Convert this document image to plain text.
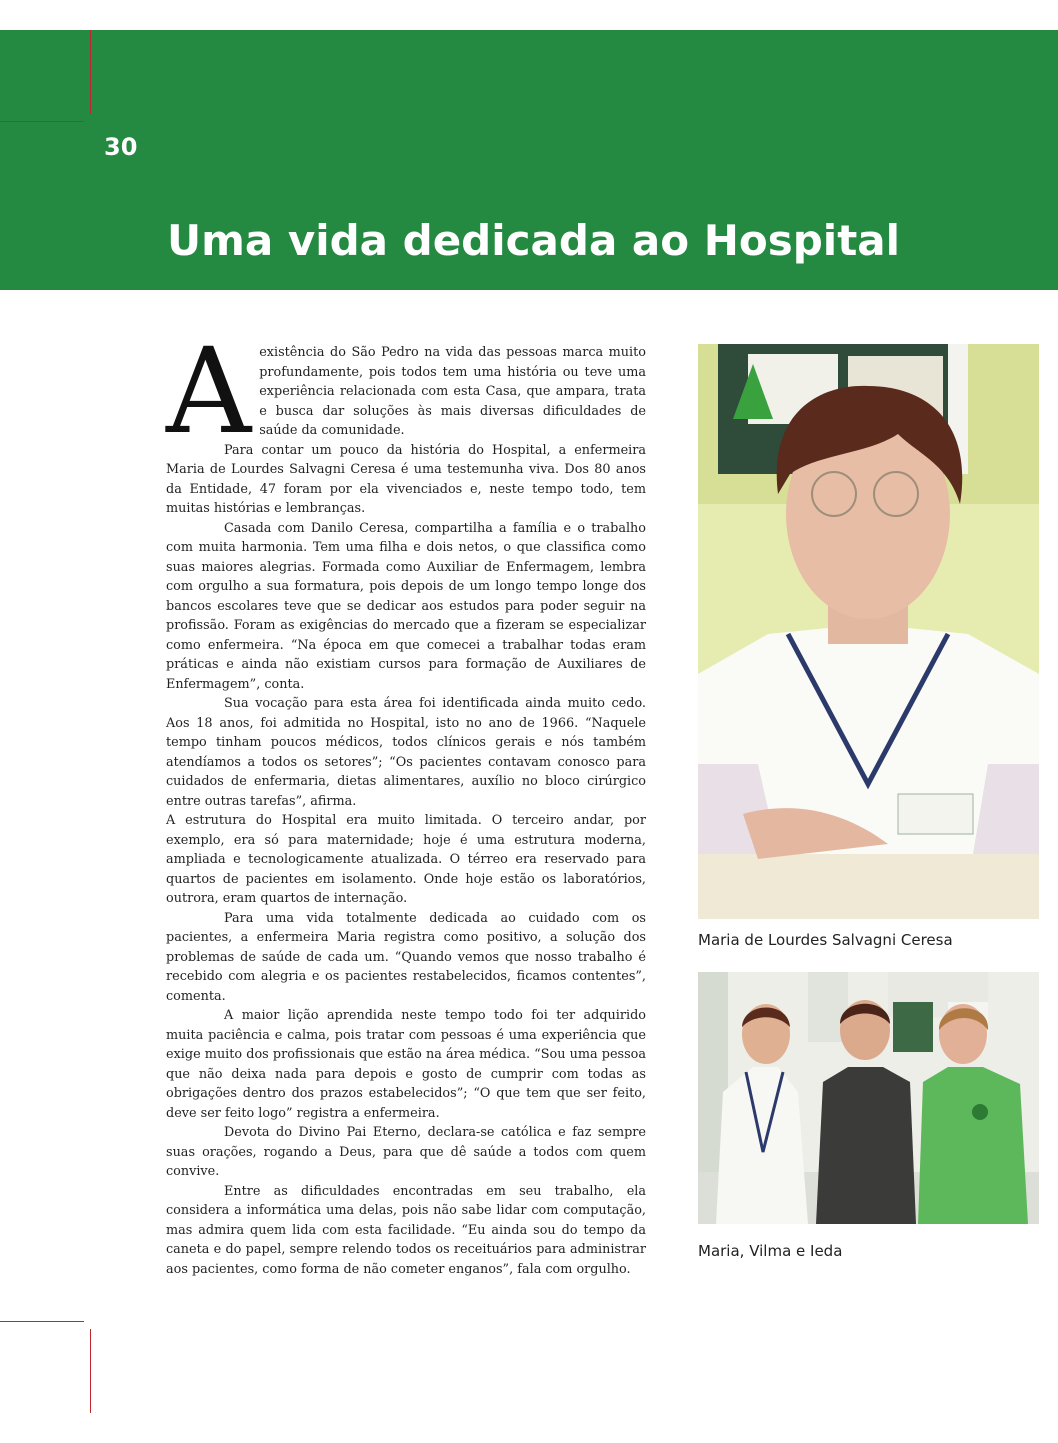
30
Uma vida dedicada ao Hospital

Aexistência do São Pedro na vida das pessoas marca muito profundamente, pois todos tem uma história ou teve uma experiência relacionada com esta Casa, que ampara, trata e busca dar soluções às mais diversas dificuldades de saúde da comunidade.

Para contar um pouco da história do Hospital, a enfermeira Maria de Lourdes Salvagni Ceresa é uma testemunha viva. Dos 80 anos da Entidade, 47 foram por ela vivenciados e, neste tempo todo, tem muitas histórias e lembranças.

Casada com Danilo Ceresa, compartilha a família e o trabalho com muita harmonia. Tem uma filha e dois netos, o que classifica como suas maiores alegrias. Formada como Auxiliar de Enfermagem, lembra com orgulho a sua formatura, pois depois de um longo tempo longe dos bancos escolares teve que se dedicar aos estudos para poder seguir na profissão. Foram as exigências do mercado que a fizeram se especializar como enfermeira. “Na época em que comecei a trabalhar todas eram práticas e ainda não existiam cursos para formação de Auxiliares de Enfermagem”, conta.

Sua vocação para esta área foi identificada ainda muito cedo. Aos 18 anos, foi admitida no Hospital, isto no ano de 1966. “Naquele tempo tinham poucos médicos, todos clínicos gerais e nós também atendíamos a todos os setores”; “Os pacientes contavam conosco para cuidados de enfermaria, dietas alimentares, auxílio no bloco cirúrgico entre outras tarefas”, afirma.

A estrutura do Hospital era muito limitada. O terceiro andar, por exemplo, era só para maternidade; hoje é uma estrutura moderna, ampliada e tecnologicamente atualizada. O térreo era reservado para quartos de pacientes em isolamento. Onde hoje estão os laboratórios, outrora, eram quartos de internação.

Para uma vida totalmente dedicada ao cuidado com os pacientes, a enfermeira Maria registra como positivo, a solução dos problemas de saúde de cada um. “Quando vemos que nosso trabalho é recebido com alegria e os pacientes restabelecidos, ficamos contentes”, comenta.

A maior lição aprendida neste tempo todo foi ter adquirido muita paciência e calma, pois tratar com pessoas é uma experiência que exige muito dos profissionais que estão na área médica. “Sou uma pessoa que não deixa nada para depois e gosto de cumprir com todas as obrigações dentro dos prazos estabelecidos”; “O que tem que ser feito, deve ser feito logo” registra a enfermeira.

Devota do Divino Pai Eterno, declara-se católica e faz sempre suas orações, rogando a Deus, para que dê saúde a todos com quem convive.

Entre as dificuldades encontradas em seu trabalho, ela considera a informática uma delas, pois não sabe lidar com computação, mas admira quem lida com esta facilidade. “Eu ainda sou do tempo da caneta e do papel, sempre relendo todos os receituários para administrar aos pacientes, como forma de não cometer enganos”, fala com orgulho.

Maria de Lourdes Salvagni Ceresa
Maria, Vilma e Ieda
